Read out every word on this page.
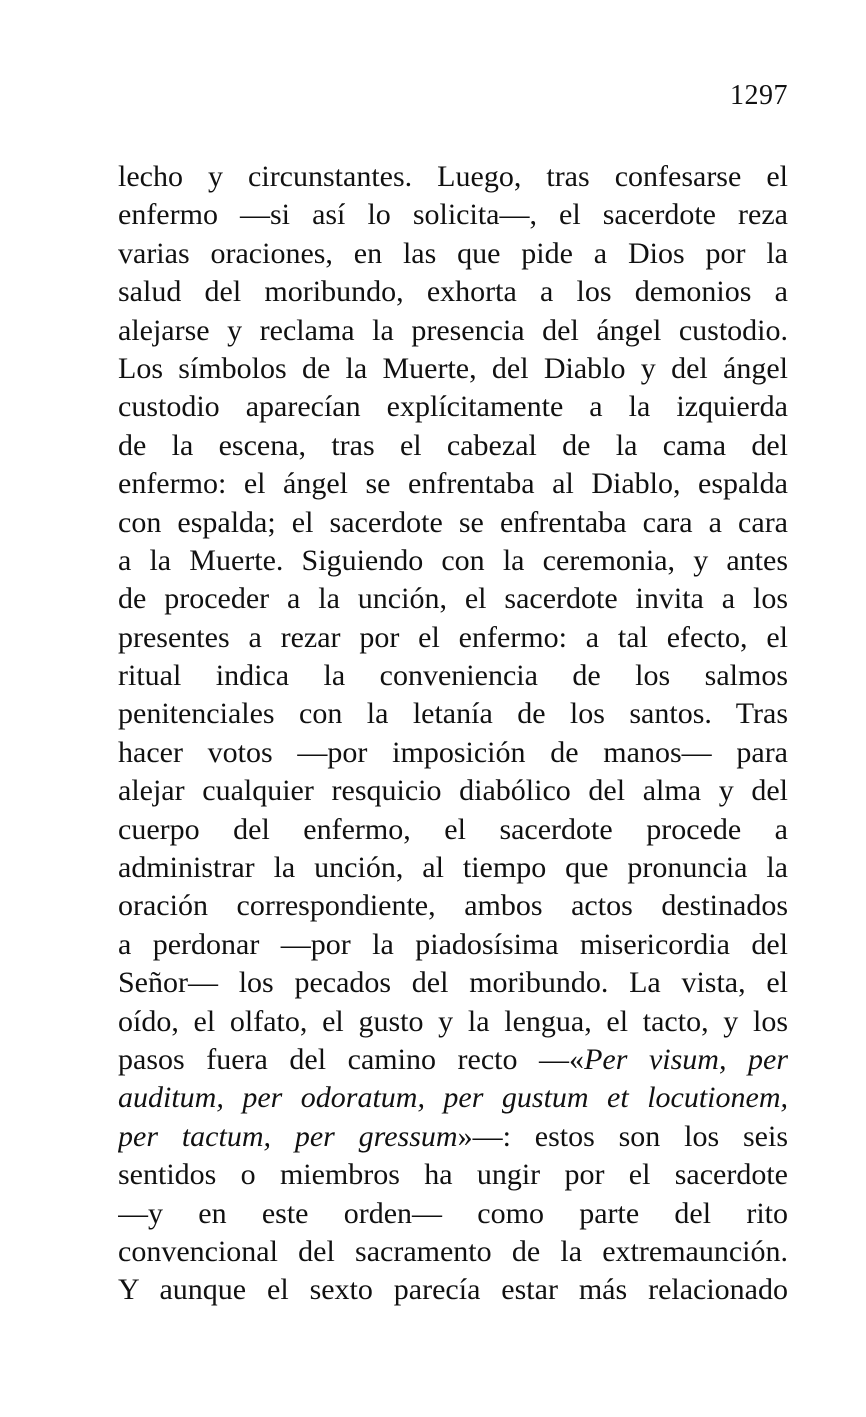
1297
lecho y circunstantes. Luego, tras confesarse el
enfermo —si así lo solicita—, el sacerdote reza
varias oraciones, en las que pide a Dios por la
salud del moribundo, exhorta a los demonios a
alejarse y reclama la presencia del ángel custodio.
Los símbolos de la Muerte, del Diablo y del ángel
custodio aparecían explícitamente a la izquierda
de la escena, tras el cabezal de la cama del
enfermo: el ángel se enfrentaba al Diablo, espalda
con espalda; el sacerdote se enfrentaba cara a cara
a la Muerte. Siguiendo con la ceremonia, y antes
de proceder a la unción, el sacerdote invita a los
presentes a rezar por el enfermo: a tal efecto, el
ritual indica la conveniencia de los salmos
penitenciales con la letanía de los santos. Tras
hacer votos —por imposición de manos— para
alejar cualquier resquicio diabólico del alma y del
cuerpo del enfermo, el sacerdote procede a
administrar la unción, al tiempo que pronuncia la
oración correspondiente, ambos actos destinados
a perdonar —por la piadosísima misericordia del
Señor— los pecados del moribundo. La vista, el
oído, el olfato, el gusto y la lengua, el tacto, y los
pasos fuera del camino recto —«Per visum, per
auditum, per odoratum, per gustum et locutionem,
per tactum, per gressum»—: estos son los seis
sentidos o miembros ha ungir por el sacerdote
—y en este orden— como parte del rito
convencional del sacramento de la extremaunción.
Y aunque el sexto parecía estar más relacionado
